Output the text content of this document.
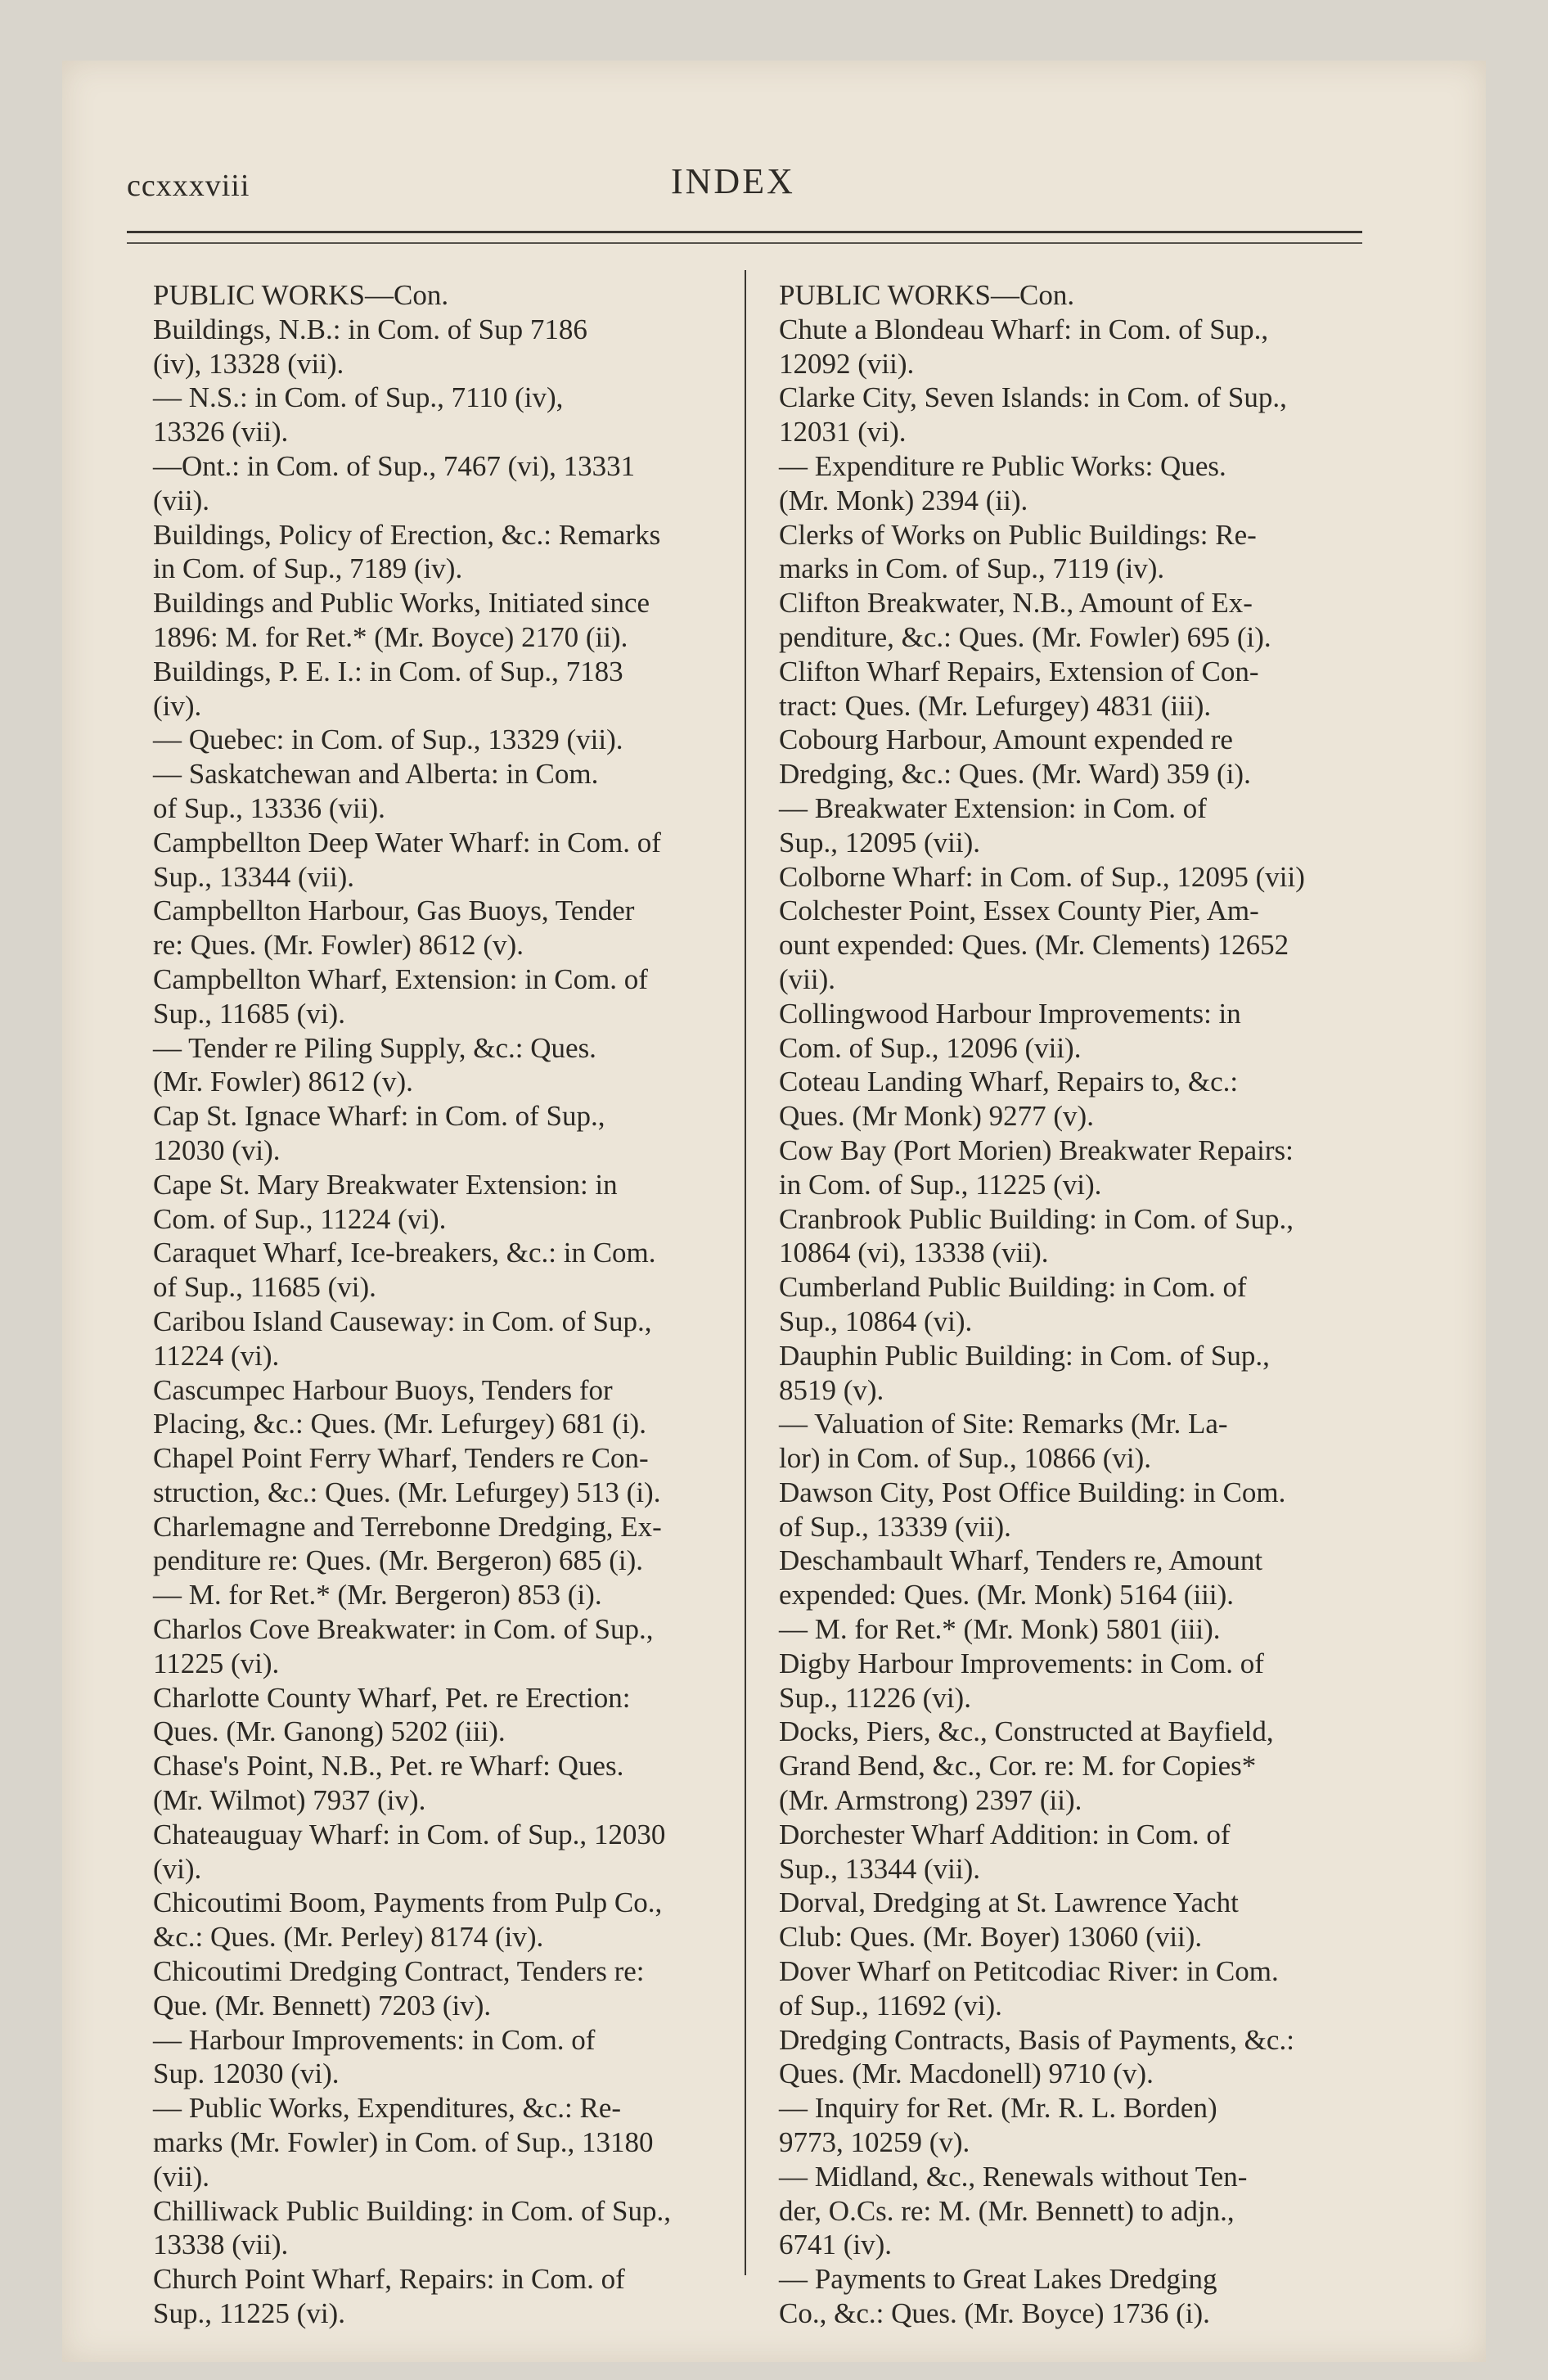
ccxxxviii	INDEX

PUBLIC WORKS—Con.

Buildings, N.B.: in Com. of Sup 7186

(iv), 13328 (vii).

— N.S.: in Com. of Sup., 7110 (iv),

13326 (vii).

—Ont.: in Com. of Sup., 7467 (vi), 13331

(vii).

Buildings, Policy of Erection, &c.: Remarks

in Com. of Sup., 7189 (iv).

Buildings and Public Works, Initiated since

1896: M. for Ret.* (Mr. Boyce) 2170 (ii).

Buildings, P. E. I.: in Com. of Sup., 7183

(iv).

— Quebec: in Com. of Sup., 13329 (vii).

— Saskatchewan and Alberta: in Com.

of Sup., 13336 (vii).

Campbellton Deep Water Wharf: in Com. of

Sup., 13344 (vii).

Campbellton Harbour, Gas Buoys, Tender

re: Ques. (Mr. Fowler) 8612 (v).

Campbellton Wharf, Extension: in Com. of

Sup., 11685 (vi).

— Tender re Piling Supply, &c.: Ques.

(Mr. Fowler) 8612 (v).

Cap St. Ignace Wharf: in Com. of Sup.,

12030 (vi).

Cape St. Mary Breakwater Extension: in

Com. of Sup., 11224 (vi).

Caraquet Wharf, Ice-breakers, &c.: in Com.

of Sup., 11685 (vi).

Caribou Island Causeway: in Com. of Sup.,

11224 (vi).

Cascumpec Harbour Buoys, Tenders for

Placing, &c.: Ques. (Mr. Lefurgey) 681 (i).

Chapel Point Ferry Wharf, Tenders re Con-

struction, &c.: Ques. (Mr. Lefurgey) 513 (i).

Charlemagne and Terrebonne Dredging, Ex-

penditure re: Ques. (Mr. Bergeron) 685 (i).

— M. for Ret.* (Mr. Bergeron) 853 (i).

Charlos Cove Breakwater: in Com. of Sup.,

11225 (vi).

Charlotte County Wharf, Pet. re Erection:

Ques. (Mr. Ganong) 5202 (iii).

Chase's Point, N.B., Pet. re Wharf: Ques.

(Mr. Wilmot) 7937 (iv).

Chateauguay Wharf: in Com. of Sup., 12030

(vi).

Chicoutimi Boom, Payments from Pulp Co.,

&c.: Ques. (Mr. Perley) 8174 (iv).

Chicoutimi Dredging Contract, Tenders re:

Que. (Mr. Bennett) 7203 (iv).

— Harbour Improvements: in Com. of

Sup. 12030 (vi).

— Public Works, Expenditures, &c.: Re-

marks (Mr. Fowler) in Com. of Sup., 13180

(vii).

Chilliwack Public Building: in Com. of Sup.,

13338 (vii).

Church Point Wharf, Repairs: in Com. of

Sup., 11225 (vi).

PUBLIC WORKS—Con.

Chute a Blondeau Wharf: in Com. of Sup.,

12092 (vii).

Clarke City, Seven Islands: in Com. of Sup.,

12031 (vi).

— Expenditure re Public Works: Ques.

(Mr. Monk) 2394 (ii).

Clerks of Works on Public Buildings: Re-

marks in Com. of Sup., 7119 (iv).

Clifton Breakwater, N.B., Amount of Ex-

penditure, &c.: Ques. (Mr. Fowler) 695 (i).

Clifton Wharf Repairs, Extension of Con-

tract: Ques. (Mr. Lefurgey) 4831 (iii).

Cobourg Harbour, Amount expended re

Dredging, &c.: Ques. (Mr. Ward) 359 (i).

— Breakwater Extension: in Com. of

Sup., 12095 (vii).

Colborne Wharf: in Com. of Sup., 12095 (vii)

Colchester Point, Essex County Pier, Am-

ount expended: Ques. (Mr. Clements) 12652

(vii).

Collingwood Harbour Improvements: in

Com. of Sup., 12096 (vii).

Coteau Landing Wharf, Repairs to, &c.:

Ques. (Mr Monk) 9277 (v).

Cow Bay (Port Morien) Breakwater Repairs:

in Com. of Sup., 11225 (vi).

Cranbrook Public Building: in Com. of Sup.,

10864 (vi), 13338 (vii).

Cumberland Public Building: in Com. of

Sup., 10864 (vi).

Dauphin Public Building: in Com. of Sup.,

8519 (v).

— Valuation of Site: Remarks (Mr. La-

lor) in Com. of Sup., 10866 (vi).

Dawson City, Post Office Building: in Com.

of Sup., 13339 (vii).

Deschambault Wharf, Tenders re, Amount

expended: Ques. (Mr. Monk) 5164 (iii).

— M. for Ret.* (Mr. Monk) 5801 (iii).

Digby Harbour Improvements: in Com. of

Sup., 11226 (vi).

Docks, Piers, &c., Constructed at Bayfield,

Grand Bend, &c., Cor. re: M. for Copies*

(Mr. Armstrong) 2397 (ii).

Dorchester Wharf Addition: in Com. of

Sup., 13344 (vii).

Dorval, Dredging at St. Lawrence Yacht

Club: Ques. (Mr. Boyer) 13060 (vii).

Dover Wharf on Petitcodiac River: in Com.

of Sup., 11692 (vi).

Dredging Contracts, Basis of Payments, &c.:

Ques. (Mr. Macdonell) 9710 (v).

— Inquiry for Ret. (Mr. R. L. Borden)

9773, 10259 (v).

— Midland, &c., Renewals without Ten-

der, O.Cs. re: M. (Mr. Bennett) to adjn.,

6741 (iv).

— Payments to Great Lakes Dredging

Co., &c.: Ques. (Mr. Boyce) 1736 (i).
